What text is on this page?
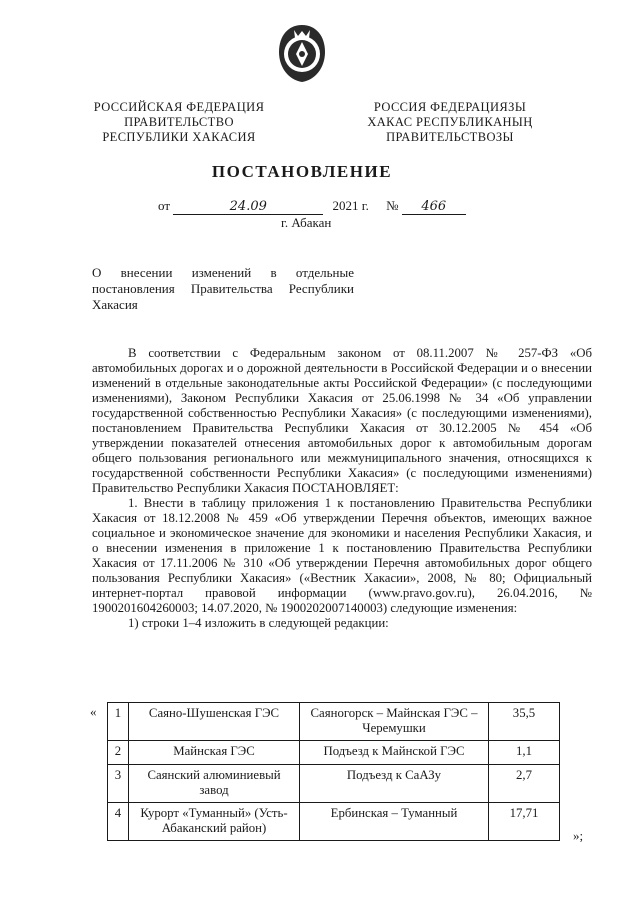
РОССИЙСКАЯ ФЕДЕРАЦИЯ
ПРАВИТЕЛЬСТВО
РЕСПУБЛИКИ ХАКАСИЯ
РОССИЯ ФЕДЕРАЦИЯЗЫ
ХАКАС РЕСПУБЛИКАНЫҢ
ПРАВИТЕЛЬСТВОЗЫ
ПОСТАНОВЛЕНИЕ
от	24.09	2021 г. № 466
г. Абакан
О внесении изменений в отдельные постановления Правительства Республики Хакасия

В соответствии с Федеральным законом от 08.11.2007 № 257-ФЗ «Об автомобильных дорогах и о дорожной деятельности в Российской Федерации и о внесении изменений в отдельные законодательные акты Российской Федерации» (с последующими изменениями), Законом Республики Хакасия от 25.06.1998 № 34 «Об управлении государственной собственностью Республики Хакасия» (с последующими изменениями), постановлением Правительства Республики Хакасия от 30.12.2005 № 454 «Об утверждении показателей отнесения автомобильных дорог к автомобильным дорогам общего пользования регионального или межмуниципального значения, относящихся к государственной собственности Республики Хакасия» (с последующими изменениями) Правительство Республики Хакасия ПОСТАНОВЛЯЕТ:

1. Внести в таблицу приложения 1 к постановлению Правительства Республики Хакасия от 18.12.2008 № 459 «Об утверждении Перечня объектов, имеющих важное социальное и экономическое значение для экономики и населения Республики Хакасия, и о внесении изменения в приложение 1 к постановлению Правительства Республики Хакасия от 17.11.2006 № 310 «Об утверждении Перечня автомобильных дорог общего пользования Республики Хакасия» («Вестник Хакасии», 2008, № 80; Официальный интернет-портал правовой информации (www.pravo.gov.ru), 26.04.2016, № 1900201604260003; 14.07.2020, № 1900202007140003) следующие изменения:

1) строки 1–4 изложить в следующей редакции:

« 1	Саяно-Шушенская ГЭС	Саяногорск – Майнская ГЭС – Черемушки	35,5
2	Майнская ГЭС	Подъезд к Майнской ГЭС	1,1
3	Саянский алюминиевый завод	Подъезд к СаАЗу	2,7
4	Курорт «Туманный» (Усть-Абаканский район)	Ербинская – Туманный	17,71
»;
